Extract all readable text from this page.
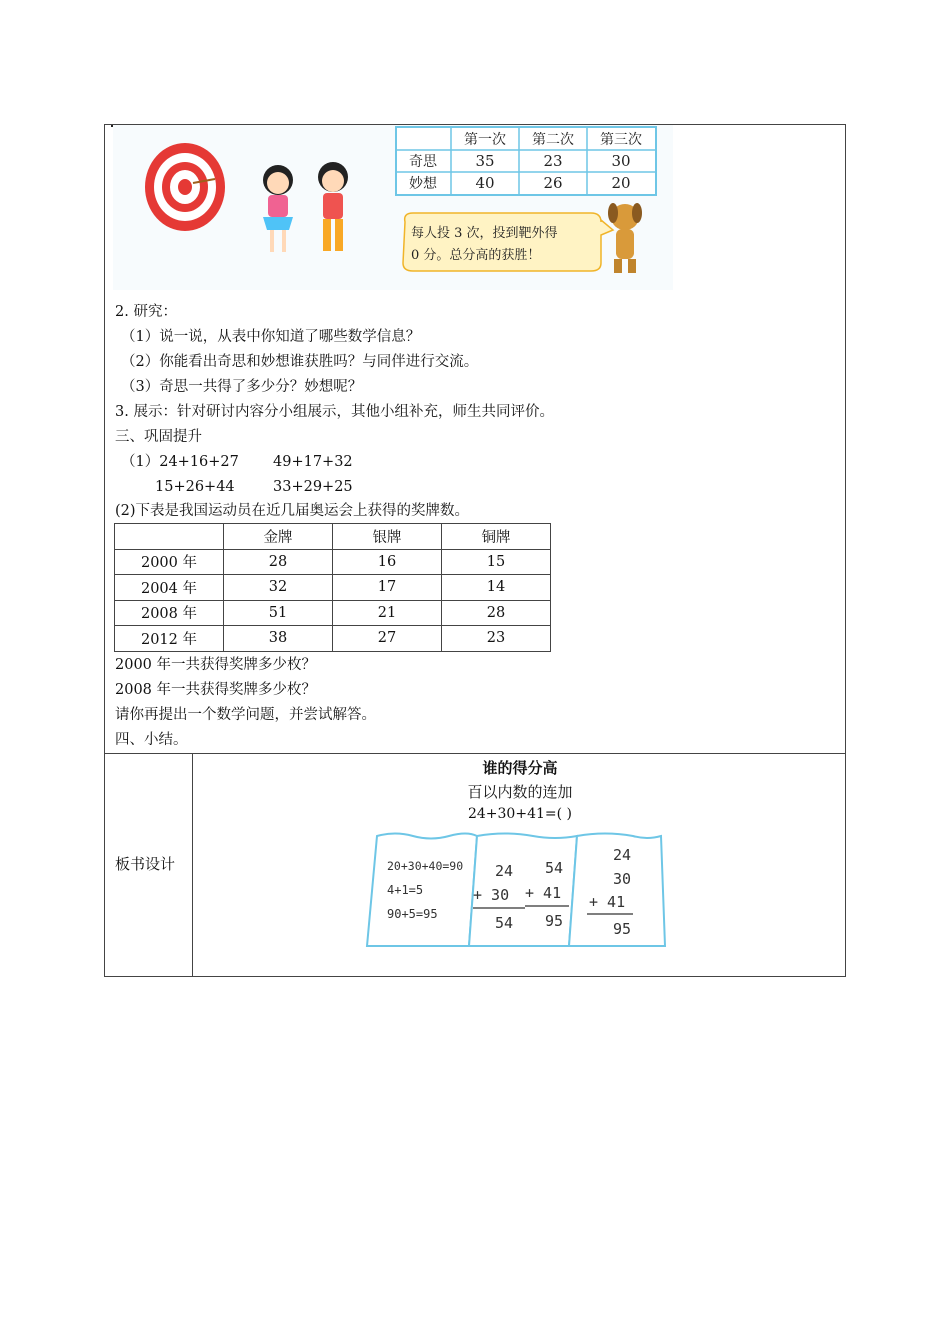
第一次 第二次 第三次
奇思	35	23	30
妙想	40	26	20
每人投 3 次，投到靶外得
0 分。总分高的获胜！
2. 研究：
（1）说一说，从表中你知道了哪些数学信息？
（2）你能看出奇思和妙想谁获胜吗？与同伴进行交流。
（3）奇思一共得了多少分？妙想呢？
3. 展示：针对研讨内容分小组展示，其他小组补充，师生共同评价。
三、巩固提升
（1）24+16+27 49+17+32
15+26+44	33+29+25
(2)下表是我国运动员在近几届奥运会上获得的奖牌数。
	金牌	银牌	铜牌
2000 年	28	16	15
2004 年	32	17	14
2008 年	51	21	28
2012 年	38	27	23
2000 年一共获得奖牌多少枚？
2008 年一共获得奖牌多少枚？
请你再提出一个数学问题，并尝试解答。
四、小结。
板书设计
谁的得分高
百以内数的连加
24+30+41=( )
20+30+40=90
4+1=5
90+5=95
24
+ 30
54
54
+ 41
95
24
30
+ 41
95
